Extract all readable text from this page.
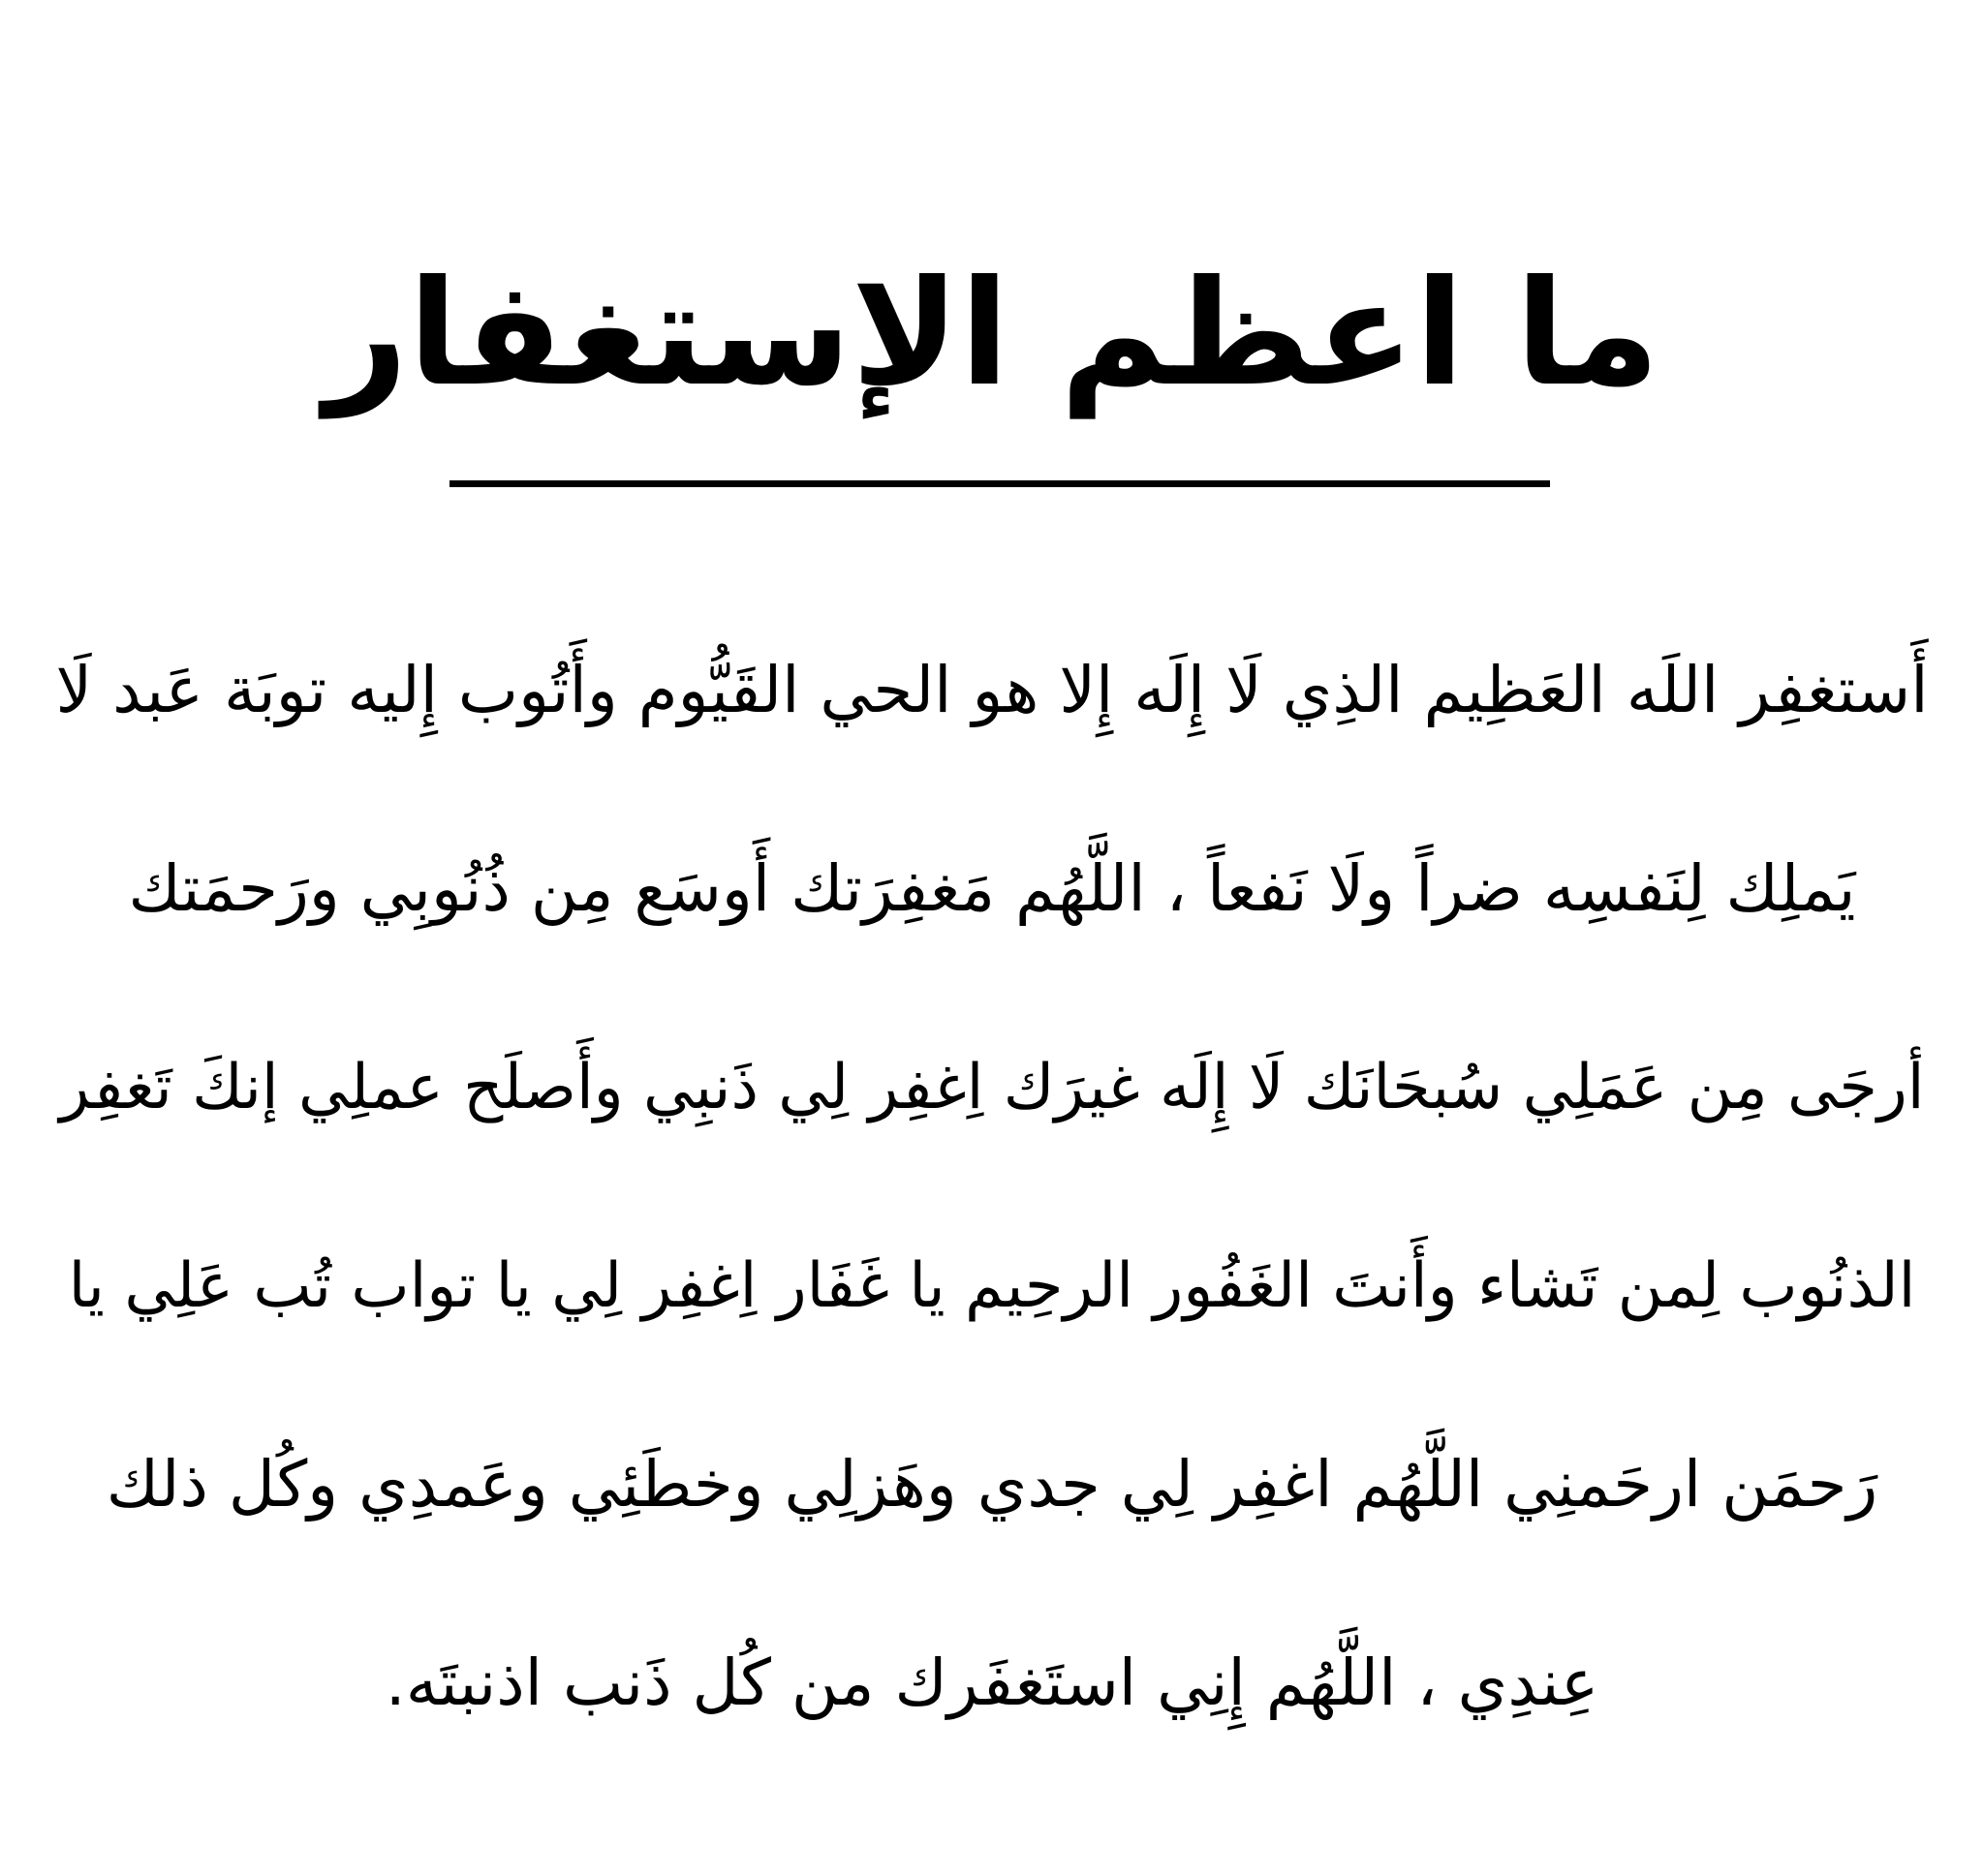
ما اعظم الإستغفار
أَستغفِر اللَه العَظِيم الذِي لَا إِلَه إِلا هو الحي القَيُّوم وأَتُوب إِليه توبَة عَبد لَا
يَملِك لِنَفسِه ضراً ولَا نَفعاً ، اللَّهُم مَغفِرَتك أَوسَع مِن ذُنُوبِي ورَحمَتك
أرجَى مِن عَمَلِي سُبحَانَك لَا إِلَه غيرَك اِغفِر لِي ذَنبِي وأَصلَح عملِي إنكَ تَغفِر
الذنُوب لِمن تَشاء وأَنتَ الغَفُور الرحِيم يا غَفَار اِغفِر لِي يا تواب تُب عَلِي يا
رَحمَن ارحَمنِي اللَّهُم اغفِر لِي جدي وهَزلِي وخطَئِي وعَمدِي وكُل ذلك
عِندِي ، اللَّهُم إِنِي استَغفَرك من كُل ذَنب اذنبتَه.
